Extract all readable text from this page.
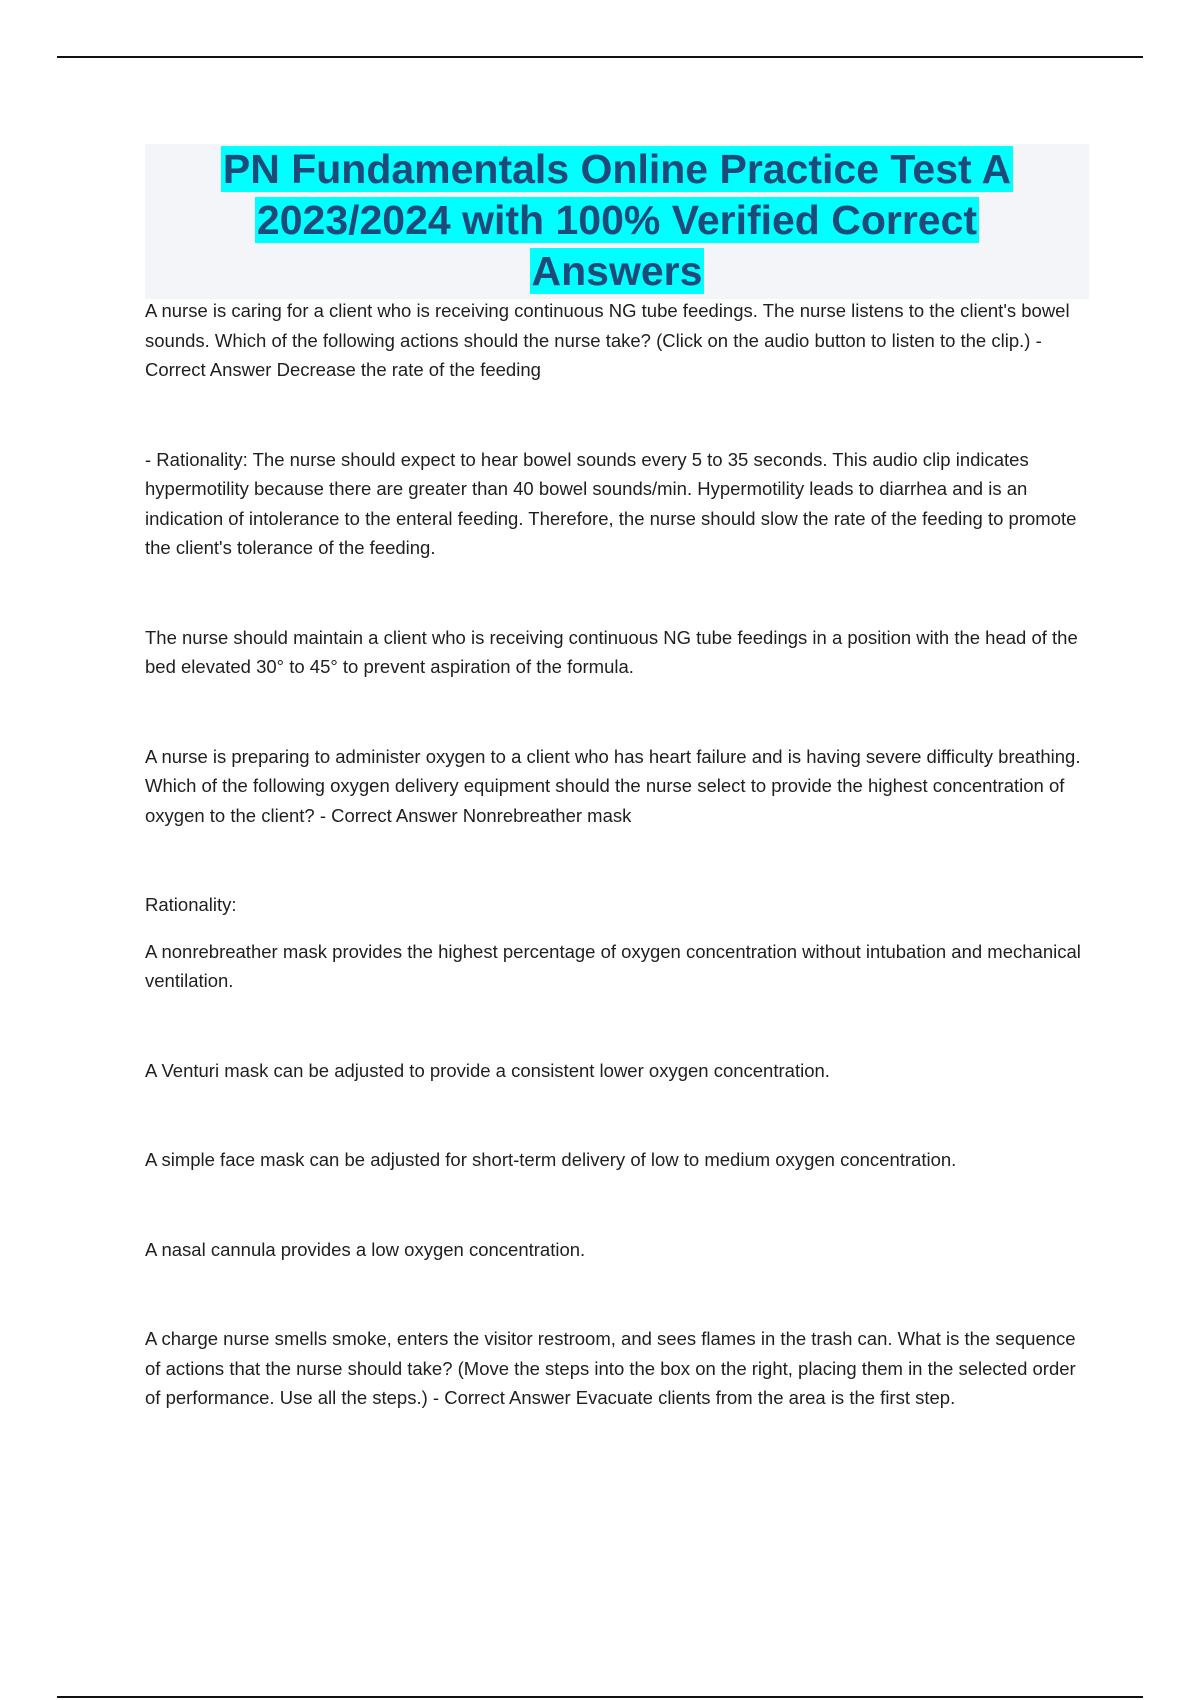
PN Fundamentals Online Practice Test A
2023/2024 with 100% Verified Correct
Answers

A nurse is caring for a client who is receiving continuous NG tube feedings. The nurse listens to the client's bowel sounds. Which of the following actions should the nurse take? (Click on the audio button to listen to the clip.) - Correct Answer Decrease the rate of the feeding

- Rationality: The nurse should expect to hear bowel sounds every 5 to 35 seconds. This audio clip indicates hypermotility because there are greater than 40 bowel sounds/min. Hypermotility leads to diarrhea and is an indication of intolerance to the enteral feeding. Therefore, the nurse should slow the rate of the feeding to promote the client's tolerance of the feeding.

The nurse should maintain a client who is receiving continuous NG tube feedings in a position with the head of the bed elevated 30° to 45° to prevent aspiration of the formula.

A nurse is preparing to administer oxygen to a client who has heart failure and is having severe difficulty breathing. Which of the following oxygen delivery equipment should the nurse select to provide the highest concentration of oxygen to the client? - Correct Answer Nonrebreather mask

Rationality:

A nonrebreather mask provides the highest percentage of oxygen concentration without intubation and mechanical ventilation.

A Venturi mask can be adjusted to provide a consistent lower oxygen concentration.

A simple face mask can be adjusted for short-term delivery of low to medium oxygen concentration.

A nasal cannula provides a low oxygen concentration.

A charge nurse smells smoke, enters the visitor restroom, and sees flames in the trash can. What is the sequence of actions that the nurse should take? (Move the steps into the box on the right, placing them in the selected order of performance. Use all the steps.) - Correct Answer Evacuate clients from the area is the first step.
